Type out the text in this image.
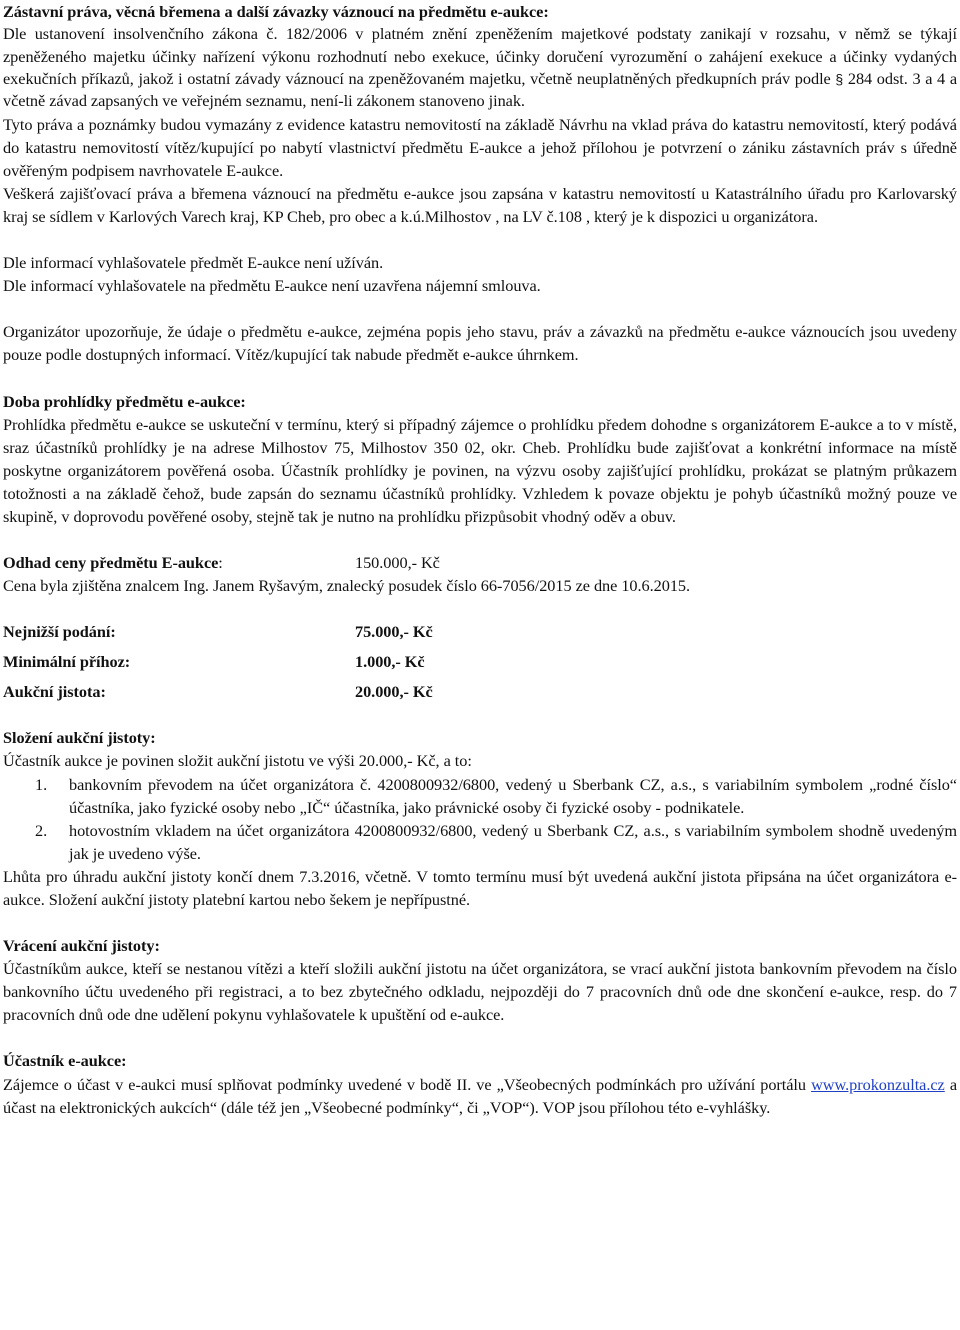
Zástavní práva, věcná břemena a další závazky váznoucí na předmětu e-aukce:

Dle ustanovení insolvenčního zákona č. 182/2006 v platném znění zpeněžením majetkové podstaty zanikají v rozsahu, v němž se týkají zpeněženého majetku účinky nařízení výkonu rozhodnutí nebo exekuce, účinky doručení vyrozumění o zahájení exekuce a účinky vydaných exekučních příkazů, jakož i ostatní závady váznoucí na zpeněžovaném majetku, včetně neuplatněných předkupních práv podle § 284 odst. 3 a 4 a včetně závad zapsaných ve veřejném seznamu, není-li zákonem stanoveno jinak.

Tyto práva a poznámky budou vymazány z evidence katastru nemovitostí na základě Návrhu na vklad práva do katastru nemovitostí, který podává do katastru nemovitostí vítěz/kupující po nabytí vlastnictví předmětu E-aukce a jehož přílohou je potvrzení o zániku zástavních práv s úředně ověřeným podpisem navrhovatele E-aukce.

Veškerá zajišťovací práva a břemena váznoucí na předmětu e-aukce jsou zapsána v katastru nemovitostí u Katastrálního úřadu pro Karlovarský kraj se sídlem v Karlových Varech kraj, KP Cheb, pro obec a k.ú.Milhostov , na LV č.108 , který je k dispozici u organizátora.

Dle informací vyhlašovatele předmět E-aukce není užíván.

Dle informací vyhlašovatele na předmětu E-aukce není uzavřena nájemní smlouva.

Organizátor upozorňuje, že údaje o předmětu e-aukce, zejména popis jeho stavu, práv a závazků na předmětu e-aukce váznoucích jsou uvedeny pouze podle dostupných informací. Vítěz/kupující tak nabude předmět e-aukce úhrnkem.

Doba prohlídky předmětu e-aukce:

Prohlídka předmětu e-aukce se uskuteční v termínu, který si případný zájemce o prohlídku předem dohodne s organizátorem E-aukce a to v místě, sraz účastníků prohlídky je na adrese Milhostov 75, Milhostov 350 02, okr. Cheb. Prohlídku bude zajišťovat a konkrétní informace na místě poskytne organizátorem pověřená osoba. Účastník prohlídky je povinen, na výzvu osoby zajišťující prohlídku, prokázat se platným průkazem totožnosti a na základě čehož, bude zapsán do seznamu účastníků prohlídky. Vzhledem k povaze objektu je pohyb účastníků možný pouze ve skupině, v doprovodu pověřené osoby, stejně tak je nutno na prohlídku přizpůsobit vhodný oděv a obuv.

Odhad ceny předmětu E-aukce:	150.000,- Kč

Cena byla zjištěna znalcem Ing. Janem Ryšavým, znalecký posudek číslo 66-7056/2015 ze dne 10.6.2015.

Nejnižší podání:	75.000,- Kč
Minimální příhoz:	1.000,- Kč
Aukční jistota:	20.000,- Kč

Složení aukční jistoty:

Účastník aukce je povinen složit aukční jistotu ve výši 20.000,- Kč, a to:

1.	bankovním převodem na účet organizátora č. 4200800932/6800, vedený u Sberbank CZ, a.s., s variabilním symbolem „rodné číslo“ účastníka, jako fyzické osoby nebo „IČ“ účastníka, jako právnické osoby či fyzické osoby - podnikatele.
2.	hotovostním vkladem na účet organizátora 4200800932/6800, vedený u Sberbank CZ, a.s., s variabilním symbolem shodně uvedeným jak je uvedeno výše.

Lhůta pro úhradu aukční jistoty končí dnem 7.3.2016, včetně. V tomto termínu musí být uvedená aukční jistota připsána na účet organizátora e-aukce. Složení aukční jistoty platební kartou nebo šekem je nepřípustné.

Vrácení aukční jistoty:

Účastníkům aukce, kteří se nestanou vítězi a kteří složili aukční jistotu na účet organizátora, se vrací aukční jistota bankovním převodem na číslo bankovního účtu uvedeného při registraci, a to bez zbytečného odkladu, nejpozději do 7 pracovních dnů ode dne skončení e-aukce, resp. do 7 pracovních dnů ode dne udělení pokynu vyhlašovatele k upuštění od e-aukce.

Účastník e-aukce:

Zájemce o účast v e-aukci musí splňovat podmínky uvedené v bodě II. ve „Všeobecných podmínkách pro užívání portálu www.prokonzulta.cz a účast na elektronických aukcích“ (dále též jen „Všeobecné podmínky“, či „VOP“). VOP jsou přílohou této e-vyhlášky.
